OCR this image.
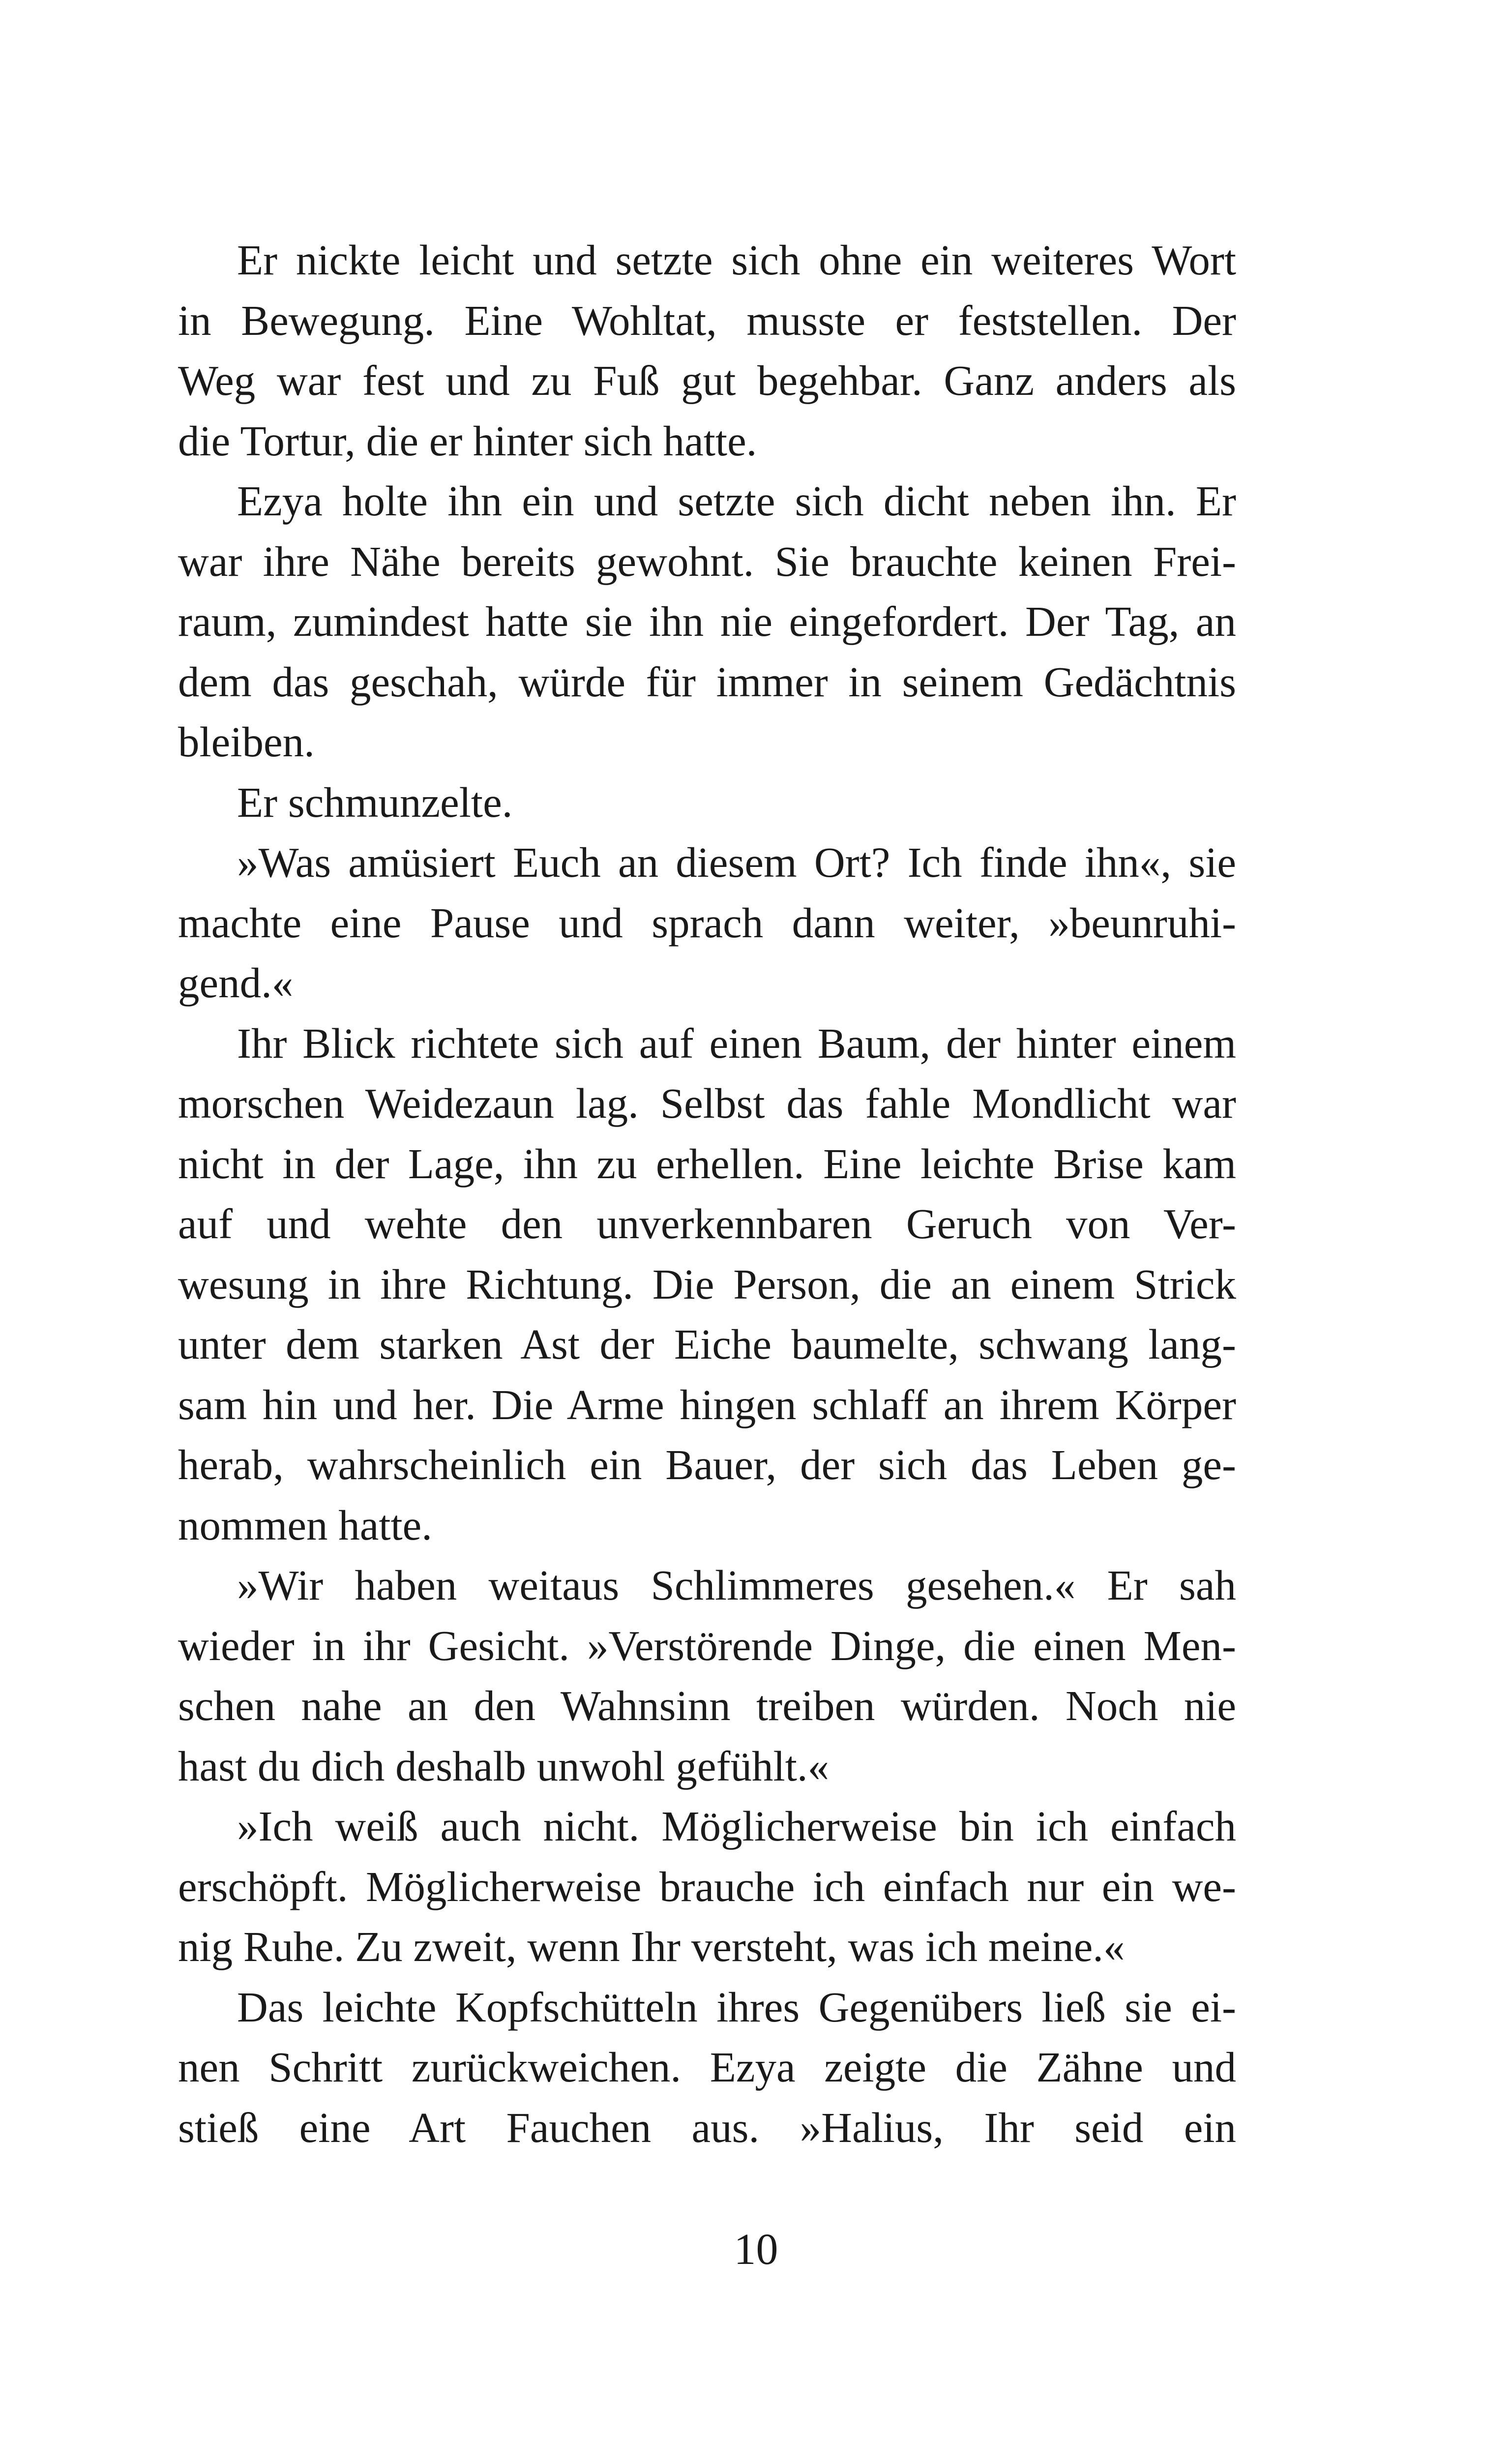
Er nickte leicht und setzte sich ohne ein weiteres Wort
in Bewegung. Eine Wohltat, musste er feststellen. Der
Weg war fest und zu Fuß gut begehbar. Ganz anders als
die Tortur, die er hinter sich hatte.
Ezya holte ihn ein und setzte sich dicht neben ihn. Er
war ihre Nähe bereits gewohnt. Sie brauchte keinen Frei-
raum, zumindest hatte sie ihn nie eingefordert. Der Tag, an
dem das geschah, würde für immer in seinem Gedächtnis
bleiben.
Er schmunzelte.
»Was amüsiert Euch an diesem Ort? Ich finde ihn«, sie
machte eine Pause und sprach dann weiter, »beunruhi-
gend.«
Ihr Blick richtete sich auf einen Baum, der hinter einem
morschen Weidezaun lag. Selbst das fahle Mondlicht war
nicht in der Lage, ihn zu erhellen. Eine leichte Brise kam
auf und wehte den unverkennbaren Geruch von Ver-
wesung in ihre Richtung. Die Person, die an einem Strick
unter dem starken Ast der Eiche baumelte, schwang lang-
sam hin und her. Die Arme hingen schlaff an ihrem Körper
herab, wahrscheinlich ein Bauer, der sich das Leben ge-
nommen hatte.
»Wir haben weitaus Schlimmeres gesehen.« Er sah
wieder in ihr Gesicht. »Verstörende Dinge, die einen Men-
schen nahe an den Wahnsinn treiben würden. Noch nie
hast du dich deshalb unwohl gefühlt.«
»Ich weiß auch nicht. Möglicherweise bin ich einfach
erschöpft. Möglicherweise brauche ich einfach nur ein we-
nig Ruhe. Zu zweit, wenn Ihr versteht, was ich meine.«
Das leichte Kopfschütteln ihres Gegenübers ließ sie ei-
nen Schritt zurückweichen. Ezya zeigte die Zähne und
stieß eine Art Fauchen aus. »Halius, Ihr seid ein
10
